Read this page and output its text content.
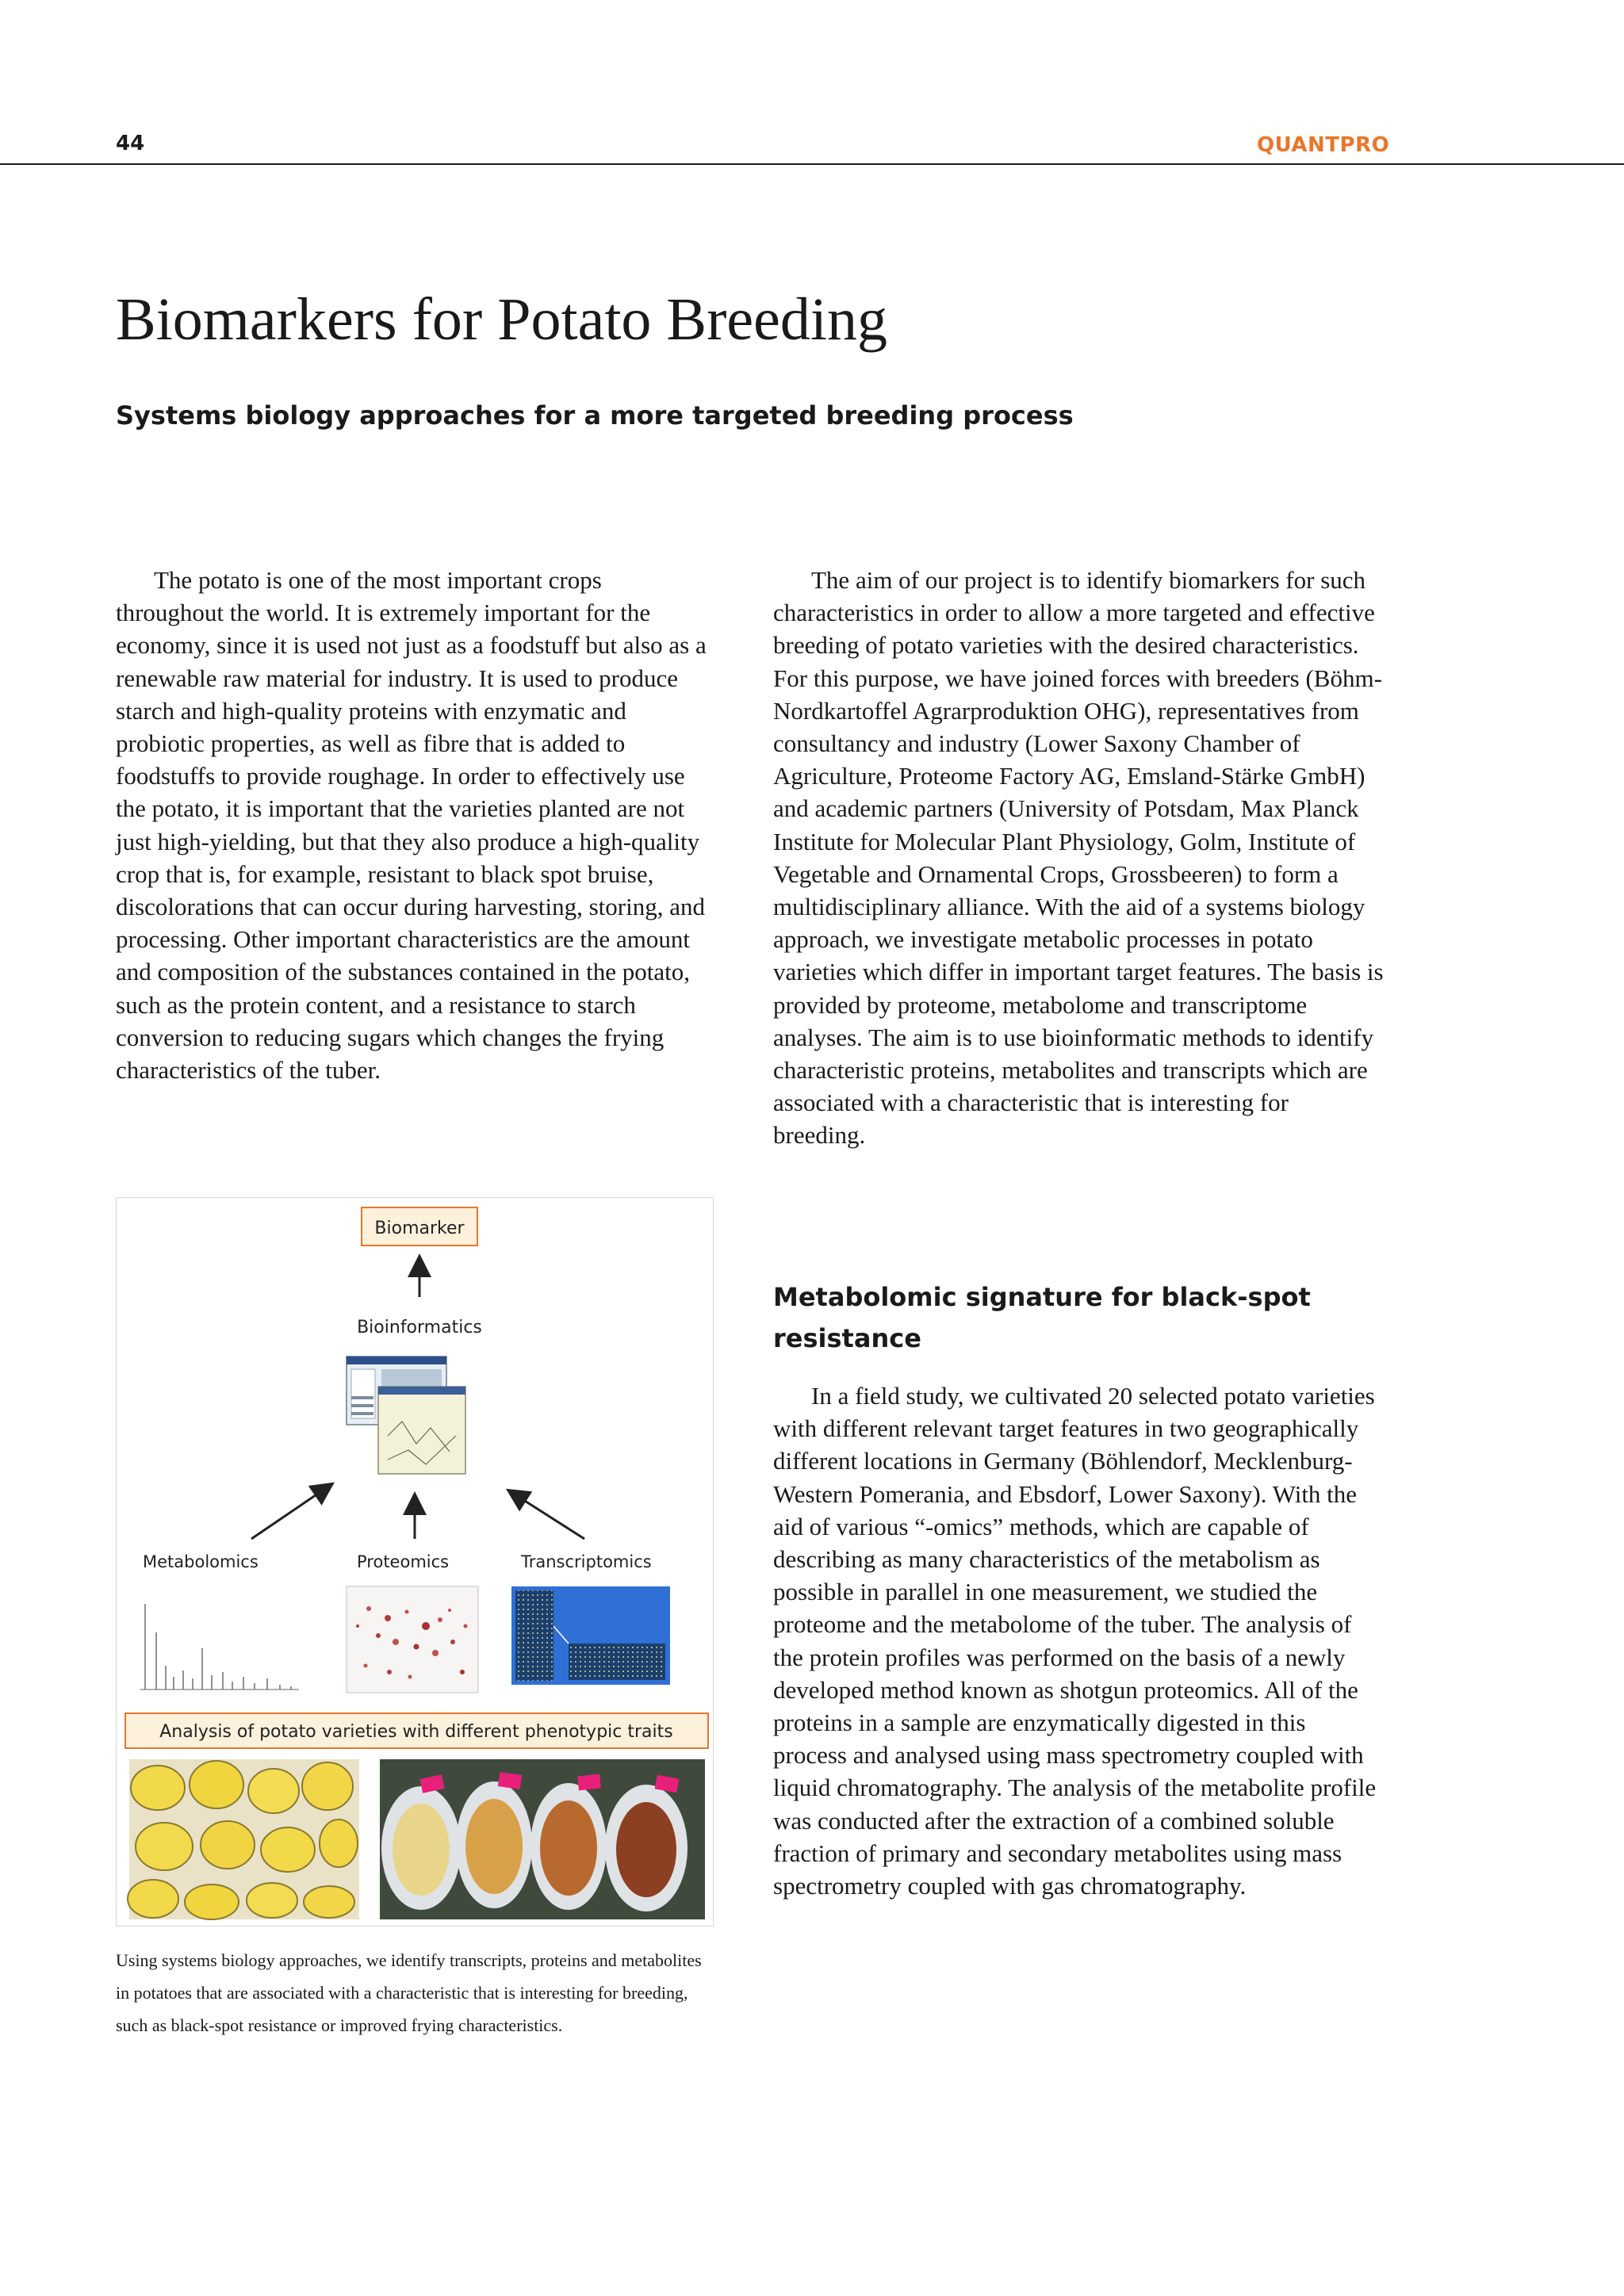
44	QUANTPRO
Biomarkers for Potato Breeding
Systems biology approaches for a more targeted breeding process

The potato is one of the most important crops throughout the world. It is extremely important for the economy, since it is used not just as a foodstuff but also as a renewable raw material for industry. It is used to produce starch and high-quality proteins with enzymatic and probiotic properties, as well as fibre that is added to foodstuffs to provide roughage. In order to effectively use the potato, it is important that the varieties planted are not just high-yielding, but that they also produce a high-quality crop that is, for example, resistant to black spot bruise, discolorations that can occur during harvesting, storing, and processing. Other important characteristics are the amount and composition of the substances contained in the potato, such as the protein content, and a resistance to starch conversion to reducing sugars which changes the frying characteristics of the tuber.

The aim of our project is to identify biomarkers for such characteristics in order to allow a more targeted and effective breeding of potato varieties with the desired characteristics. For this purpose, we have joined forces with breeders (Böhm-Nordkartoffel Agrarproduktion OHG), representatives from consultancy and industry (Lower Saxony Chamber of Agriculture, Proteome Factory AG, Emsland-Stärke GmbH) and academic partners (University of Potsdam, Max Planck Institute for Molecular Plant Physiology, Golm, Institute of Vegetable and Ornamental Crops, Grossbeeren) to form a multidisciplinary alliance. With the aid of a systems biology approach, we investigate metabolic processes in potato varieties which differ in important target features. The basis is provided by proteome, metabolome and transcriptome analyses. The aim is to use bioinformatic methods to identify characteristic proteins, metabolites and transcripts which are associated with a characteristic that is interesting for breeding.

Metabolomic signature for black-spot resistance

In a field study, we cultivated 20 selected potato varieties with different relevant target features in two geographically different locations in Germany (Böhlendorf, Mecklenburg-Western Pomerania, and Ebsdorf, Lower Saxony). With the aid of various “-omics” methods, which are capable of describing as many characteristics of the metabolism as possible in parallel in one measurement, we studied the proteome and the metabolome of the tuber. The analysis of the protein profiles was performed on the basis of a newly developed method known as shotgun proteomics. All of the proteins in a sample are enzymatically digested in this process and analysed using mass spectrometry coupled with liquid chromatography. The analysis of the metabolite profile was conducted after the extraction of a combined soluble fraction of primary and secondary metabolites using mass spectrometry coupled with gas chromatography.

Biomarker
Bioinformatics
Metabolomics	Proteomics	Transcriptomics
Analysis of potato varieties with different phenotypic traits

Using systems biology approaches, we identify transcripts, proteins and metabolites in potatoes that are associated with a characteristic that is interesting for breeding, such as black-spot resistance or improved frying characteristics.
